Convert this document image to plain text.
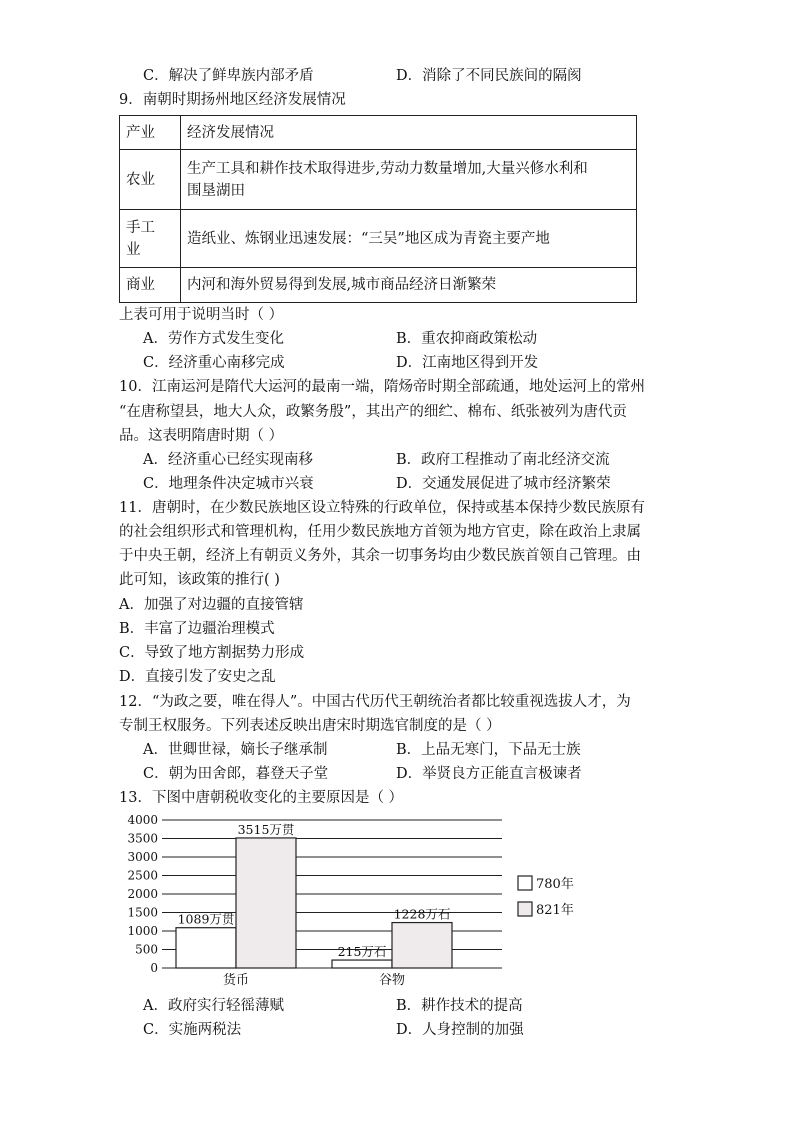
C．解决了鲜卑族内部矛盾	D．消除了不同民族间的隔阂
9．南朝时期扬州地区经济发展情况
产业	经济发展情况
农业	生产工具和耕作技术取得进步,劳动力数量增加,大量兴修水利和
围垦湖田

手工
业	造纸业、炼钢业迅速发展：“三吴”地区成为青瓷主要产地
商业	内河和海外贸易得到发展,城市商品经济日渐繁荣
上表可用于说明当时（ ）
A．劳作方式发生变化	B．重农抑商政策松动
C．经济重心南移完成	D．江南地区得到开发
10．江南运河是隋代大运河的最南一端，隋炀帝时期全部疏通，地处运河上的常州
“在唐称望县，地大人众，政繁务殷”，其出产的细纻、棉布、纸张被列为唐代贡
品。这表明隋唐时期（ ）
A．经济重心已经实现南移	B．政府工程推动了南北经济交流
C．地理条件决定城市兴衰	D．交通发展促进了城市经济繁荣
11．唐朝时，在少数民族地区设立特殊的行政单位，保持或基本保持少数民族原有
的社会组织形式和管理机构，任用少数民族地方首领为地方官吏，除在政治上隶属
于中央王朝，经济上有朝贡义务外，其余一切事务均由少数民族首领自己管理。由
此可知，该政策的推行( )
A．加强了对边疆的直接管辖
B．丰富了边疆治理模式
C．导致了地方割据势力形成
D．直接引发了安史之乱
12．“为政之要，唯在得人”。中国古代历代王朝统治者都比较重视选拔人才，为
专制王权服务。下列表述反映出唐宋时期选官制度的是（ ）
A．世卿世禄，嫡长子继承制	B．上品无寒门，下品无士族
C．朝为田舍郎，暮登天子堂	D．举贤良方正能直言极谏者
13．下图中唐朝税收变化的主要原因是（ ）
0
500
1000
1500
2000
2500
3000
3500
4000
1089万贯
3515万贯
货币
215万石
1228万石
谷物
780年
821年
A．政府实行轻徭薄赋	B．耕作技术的提高
C．实施两税法	D．人身控制的加强
